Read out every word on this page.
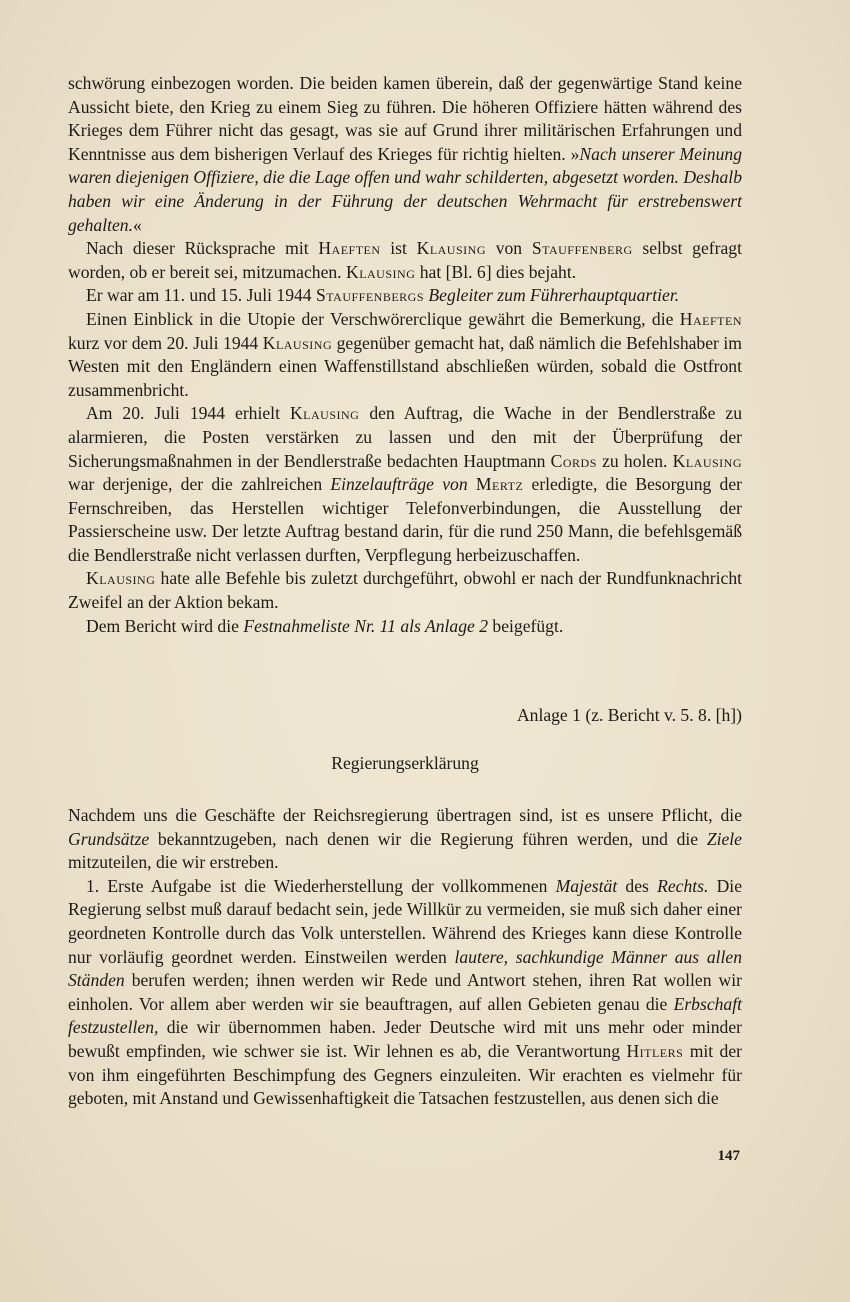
schwörung einbezogen worden. Die beiden kamen überein, daß der gegenwärtige Stand keine Aussicht biete, den Krieg zu einem Sieg zu führen. Die höheren Offiziere hätten während des Krieges dem Führer nicht das gesagt, was sie auf Grund ihrer militärischen Erfahrungen und Kenntnisse aus dem bisherigen Verlauf des Krieges für richtig hielten. »Nach unserer Meinung waren diejenigen Offiziere, die die Lage offen und wahr schilderten, abgesetzt worden. Deshalb haben wir eine Änderung in der Führung der deutschen Wehrmacht für erstrebenswert gehalten.«

Nach dieser Rücksprache mit Haeften ist Klausing von Stauffenberg selbst gefragt worden, ob er bereit sei, mitzumachen. Klausing hat [Bl. 6] dies bejaht.

Er war am 11. und 15. Juli 1944 Stauffenbergs Begleiter zum Führerhauptquartier.

Einen Einblick in die Utopie der Verschwörerclique gewährt die Bemerkung, die Haeften kurz vor dem 20. Juli 1944 Klausing gegenüber gemacht hat, daß nämlich die Befehlshaber im Westen mit den Engländern einen Waffenstillstand abschließen würden, sobald die Ostfront zusammenbricht.

Am 20. Juli 1944 erhielt Klausing den Auftrag, die Wache in der Bendlerstraße zu alarmieren, die Posten verstärken zu lassen und den mit der Überprüfung der Sicherungsmaßnahmen in der Bendlerstraße bedachten Hauptmann Cords zu holen. Klausing war derjenige, der die zahlreichen Einzelaufträge von Mertz erledigte, die Besorgung der Fernschreiben, das Herstellen wichtiger Telefonverbindungen, die Ausstellung der Passierscheine usw. Der letzte Auftrag bestand darin, für die rund 250 Mann, die befehlsgemäß die Bendlerstraße nicht verlassen durften, Verpflegung herbeizuschaffen.

Klausing hate alle Befehle bis zuletzt durchgeführt, obwohl er nach der Rundfunknachricht Zweifel an der Aktion bekam.

Dem Bericht wird die Festnahmeliste Nr. 11 als Anlage 2 beigefügt.

Anlage 1 (z. Bericht v. 5. 8. [h])
Regierungserklärung

Nachdem uns die Geschäfte der Reichsregierung übertragen sind, ist es unsere Pflicht, die Grundsätze bekanntzugeben, nach denen wir die Regierung führen werden, und die Ziele mitzuteilen, die wir erstreben.

1. Erste Aufgabe ist die Wiederherstellung der vollkommenen Majestät des Rechts. Die Regierung selbst muß darauf bedacht sein, jede Willkür zu vermeiden, sie muß sich daher einer geordneten Kontrolle durch das Volk unterstellen. Während des Krieges kann diese Kontrolle nur vorläufig geordnet werden. Einstweilen werden lautere, sachkundige Männer aus allen Ständen berufen werden; ihnen werden wir Rede und Antwort stehen, ihren Rat wollen wir einholen. Vor allem aber werden wir sie beauftragen, auf allen Gebieten genau die Erbschaft festzustellen, die wir übernommen haben. Jeder Deutsche wird mit uns mehr oder minder bewußt empfinden, wie schwer sie ist. Wir lehnen es ab, die Verantwortung Hitlers mit der von ihm eingeführten Beschimpfung des Gegners einzuleiten. Wir erachten es vielmehr für geboten, mit Anstand und Gewissenhaftigkeit die Tatsachen festzustellen, aus denen sich die

147
